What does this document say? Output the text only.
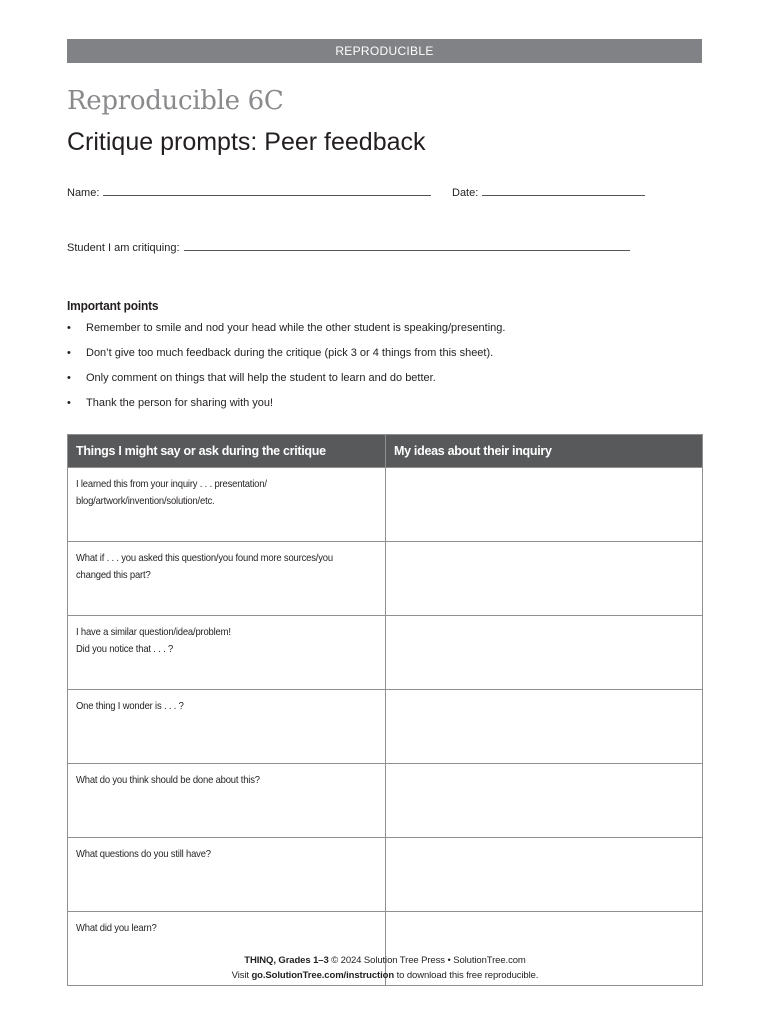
REPRODUCIBLE
Reproducible 6C
Critique prompts: Peer feedback
Name:	Date:
Student I am critiquing:
Important points
•	Remember to smile and nod your head while the other student is speaking/presenting.
•	Don’t give too much feedback during the critique (pick 3 or 4 things from this sheet).
•	Only comment on things that will help the student to learn and do better.
•	Thank the person for sharing with you!
Things I might say or ask during the critique	My ideas about their inquiry

I learned this from your inquiry . . . presentation/
blog/artwork/invention/solution/etc.	

What if . . . you asked this question/you found more sources/you
changed this part?	

I have a similar question/idea/problem!
Did you notice that . . . ?	

One thing I wonder is . . . ?	

What do you think should be done about this?	

What questions do you still have?	

What did you learn?	

THINQ, Grades 1–3 © 2024 Solution Tree Press • SolutionTree.com
Visit go.SolutionTree.com/instruction to download this free reproducible.
